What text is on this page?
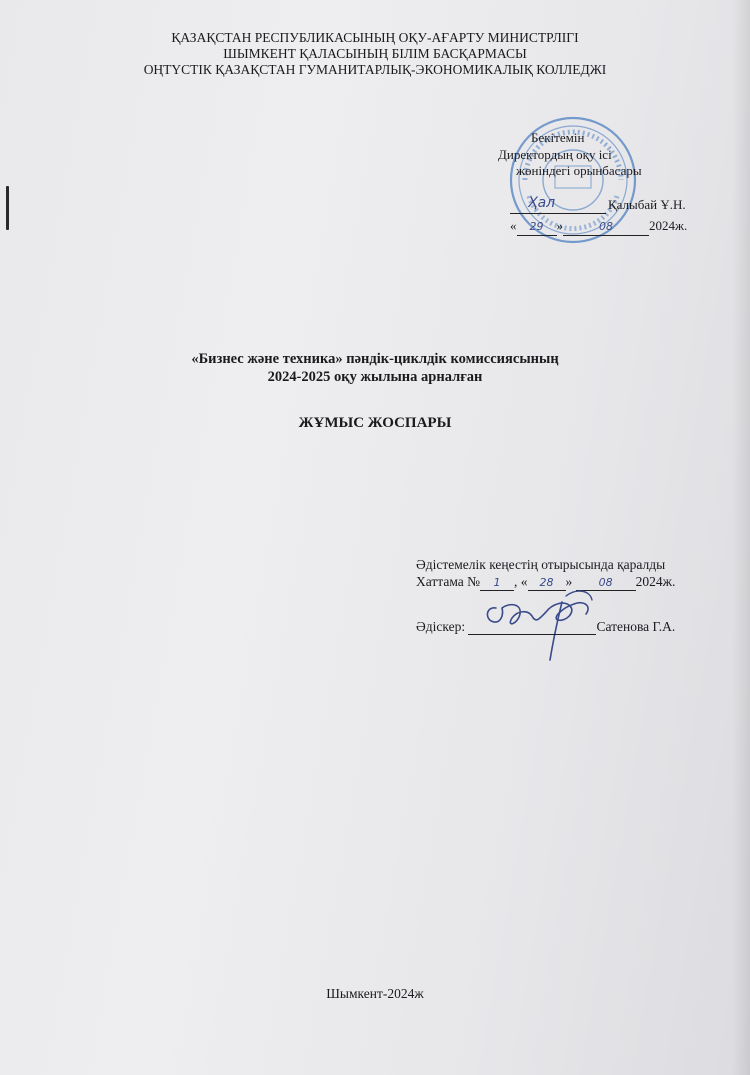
ҚАЗАҚСТАН РЕСПУБЛИКАСЫНЫҢ ОҚУ-АҒАРТУ МИНИСТРЛІГІ
ШЫМКЕНТ ҚАЛАСЫНЫҢ БІЛІМ БАСҚАРМАСЫ
ОҢТҮСТІК ҚАЗАҚСТАН ГУМАНИТАРЛЫҚ-ЭКОНОМИКАЛЫҚ КОЛЛЕДЖІ
Бекітемін
Директордың оқу ісі
жөніндегі орынбасары
Ҳал	Қалыбай Ұ.Н.
« 29 »	08	2024ж.
«Бизнес және техника» пәндік-циклдік комиссиясының
2024-2025 оқу жылына арналған
ЖҰМЫС ЖОСПАРЫ
Әдістемелік кеңестің отырысында қаралды
Хаттама № 1 , « 28 » 08 2024ж.
Әдіскер:	Сатенова Г.А.
Шымкент-2024ж
